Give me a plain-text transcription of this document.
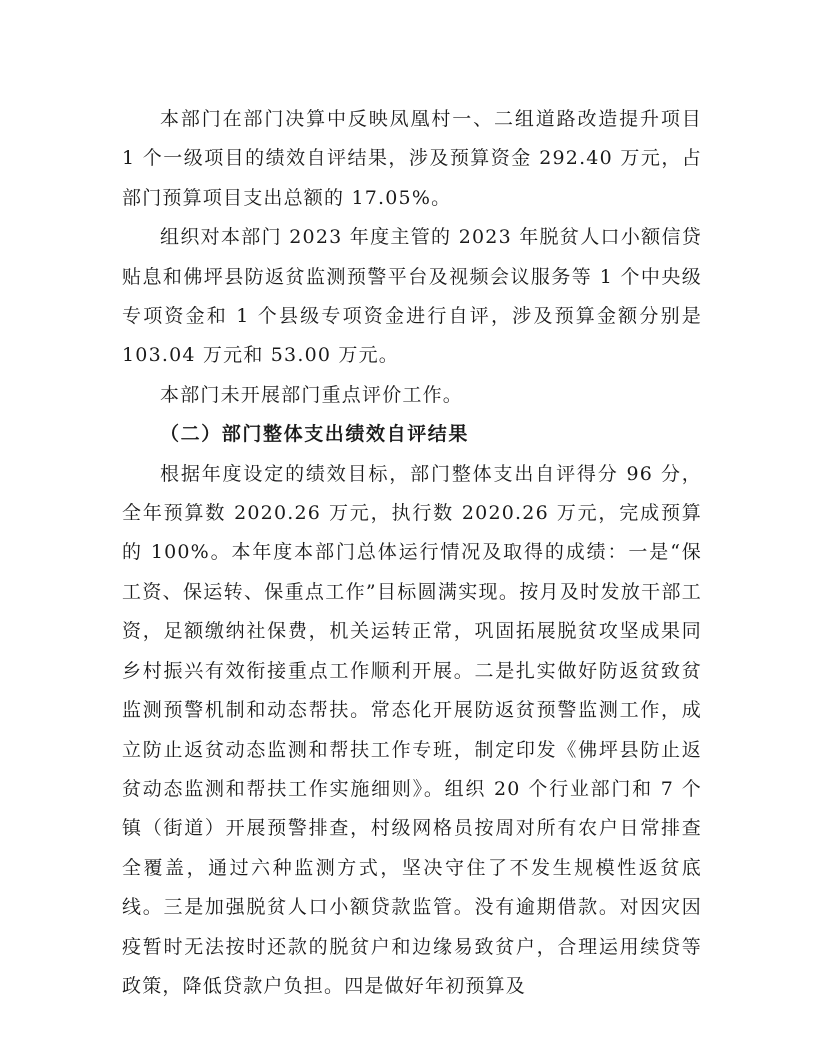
本部门在部门决算中反映凤凰村一、二组道路改造提升项目 1 个一级项目的绩效自评结果，涉及预算资金 292.40 万元，占部门预算项目支出总额的 17.05%。

组织对本部门 2023 年度主管的 2023 年脱贫人口小额信贷贴息和佛坪县防返贫监测预警平台及视频会议服务等 1 个中央级专项资金和 1 个县级专项资金进行自评，涉及预算金额分别是 103.04 万元和 53.00 万元。

本部门未开展部门重点评价工作。

（二）部门整体支出绩效自评结果

根据年度设定的绩效目标，部门整体支出自评得分 96 分，全年预算数 2020.26 万元，执行数 2020.26 万元，完成预算的 100%。本年度本部门总体运行情况及取得的成绩：一是“保工资、保运转、保重点工作”目标圆满实现。按月及时发放干部工资，足额缴纳社保费，机关运转正常，巩固拓展脱贫攻坚成果同乡村振兴有效衔接重点工作顺利开展。二是扎实做好防返贫致贫监测预警机制和动态帮扶。常态化开展防返贫预警监测工作，成立防止返贫动态监测和帮扶工作专班，制定印发《佛坪县防止返贫动态监测和帮扶工作实施细则》。组织 20 个行业部门和 7 个镇（街道）开展预警排查，村级网格员按周对所有农户日常排查全覆盖，通过六种监测方式，坚决守住了不发生规模性返贫底线。三是加强脱贫人口小额贷款监管。没有逾期借款。对因灾因疫暂时无法按时还款的脱贫户和边缘易致贫户，合理运用续贷等政策，降低贷款户负担。四是做好年初预算及
